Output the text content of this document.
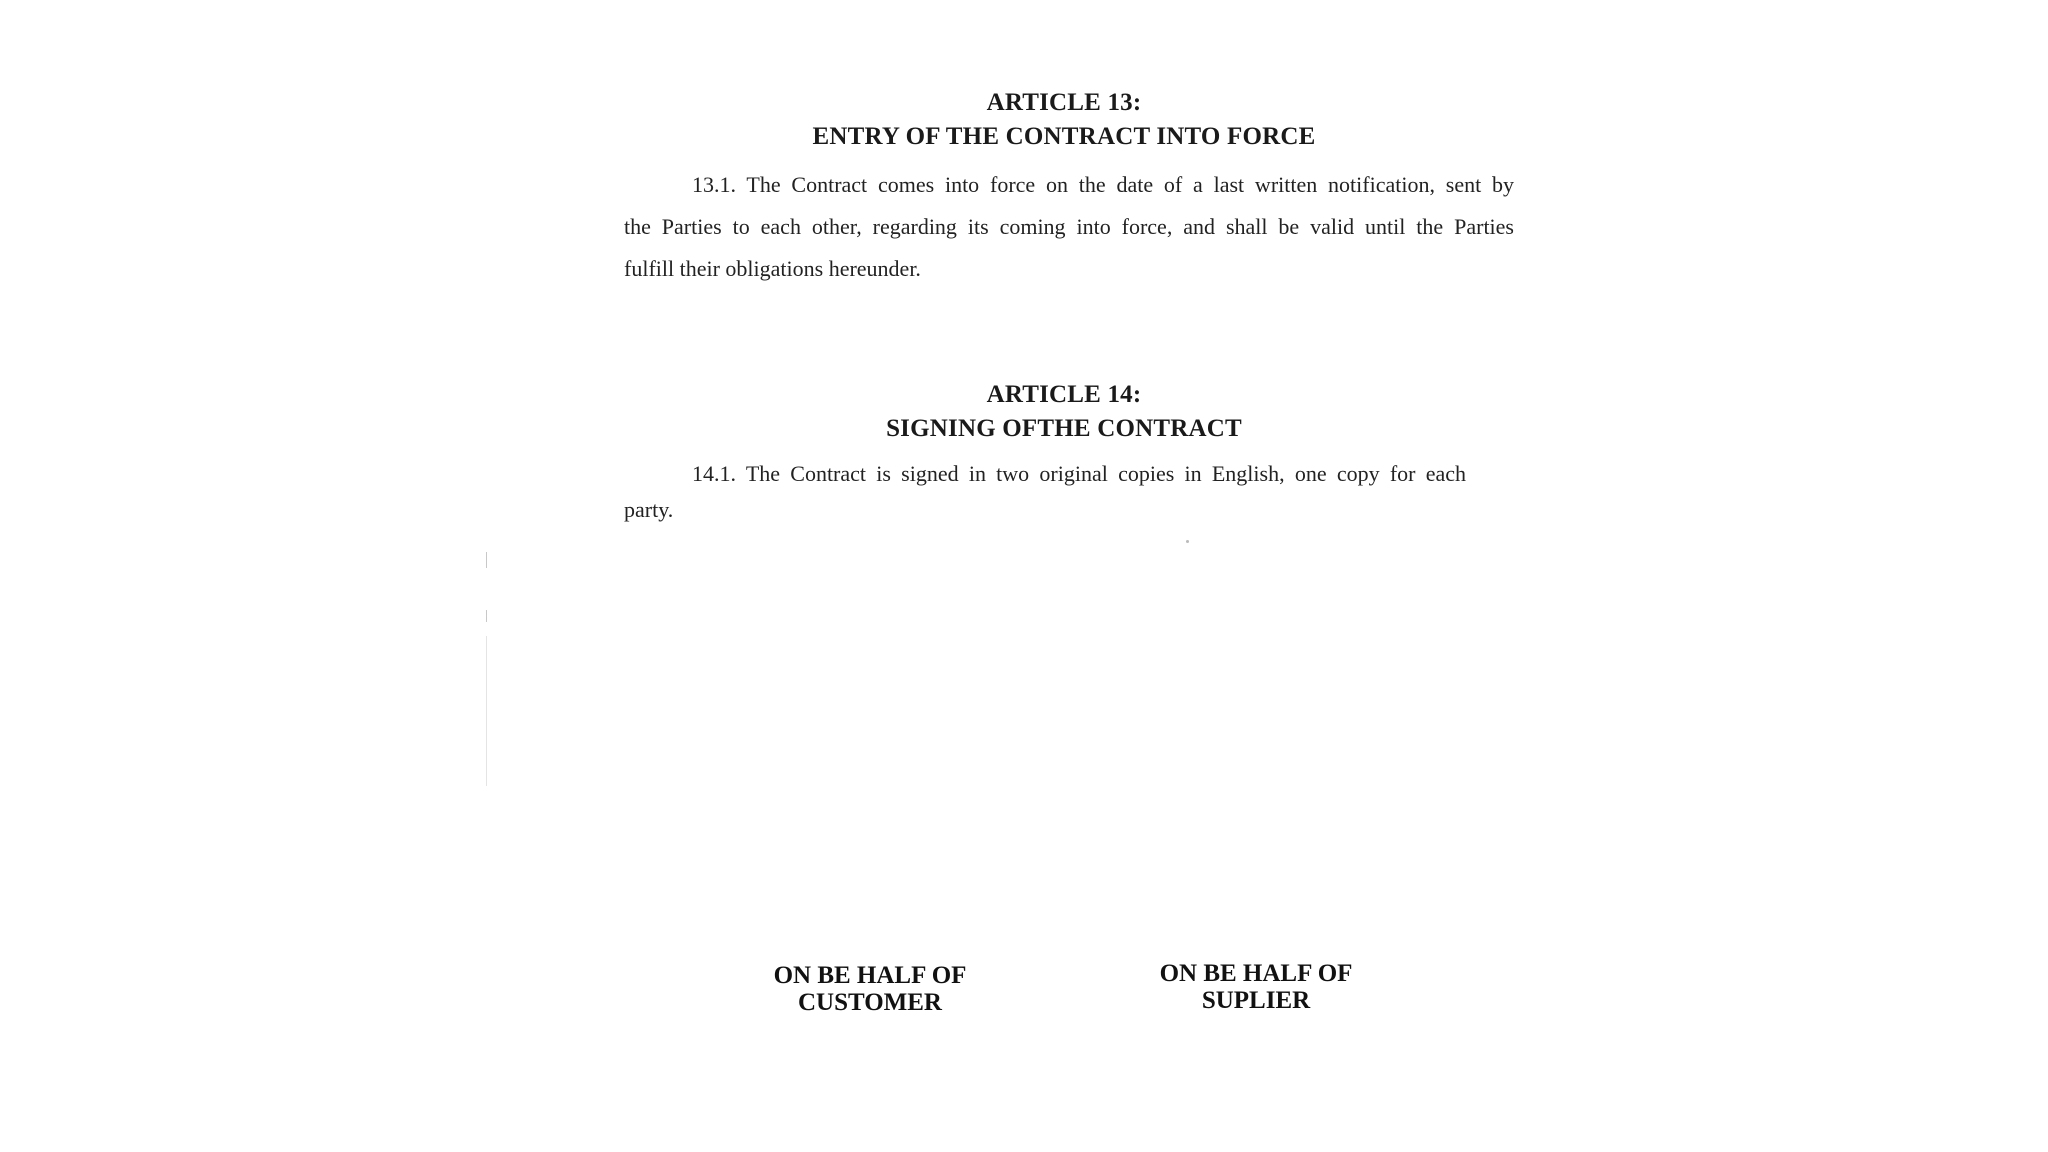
ARTICLE 13:
ENTRY OF THE CONTRACT INTO FORCE
13.1. The Contract comes into force on the date of a last written notification, sent by
the Parties to each other, regarding its coming into force, and shall be valid until the Parties
fulfill their obligations hereunder.
ARTICLE 14:
SIGNING OFTHE CONTRACT
14.1. The Contract is signed in two original copies in English, one copy for each
party.
ON BE HALF OF
CUSTOMER
ON BE HALF OF
SUPLIER
